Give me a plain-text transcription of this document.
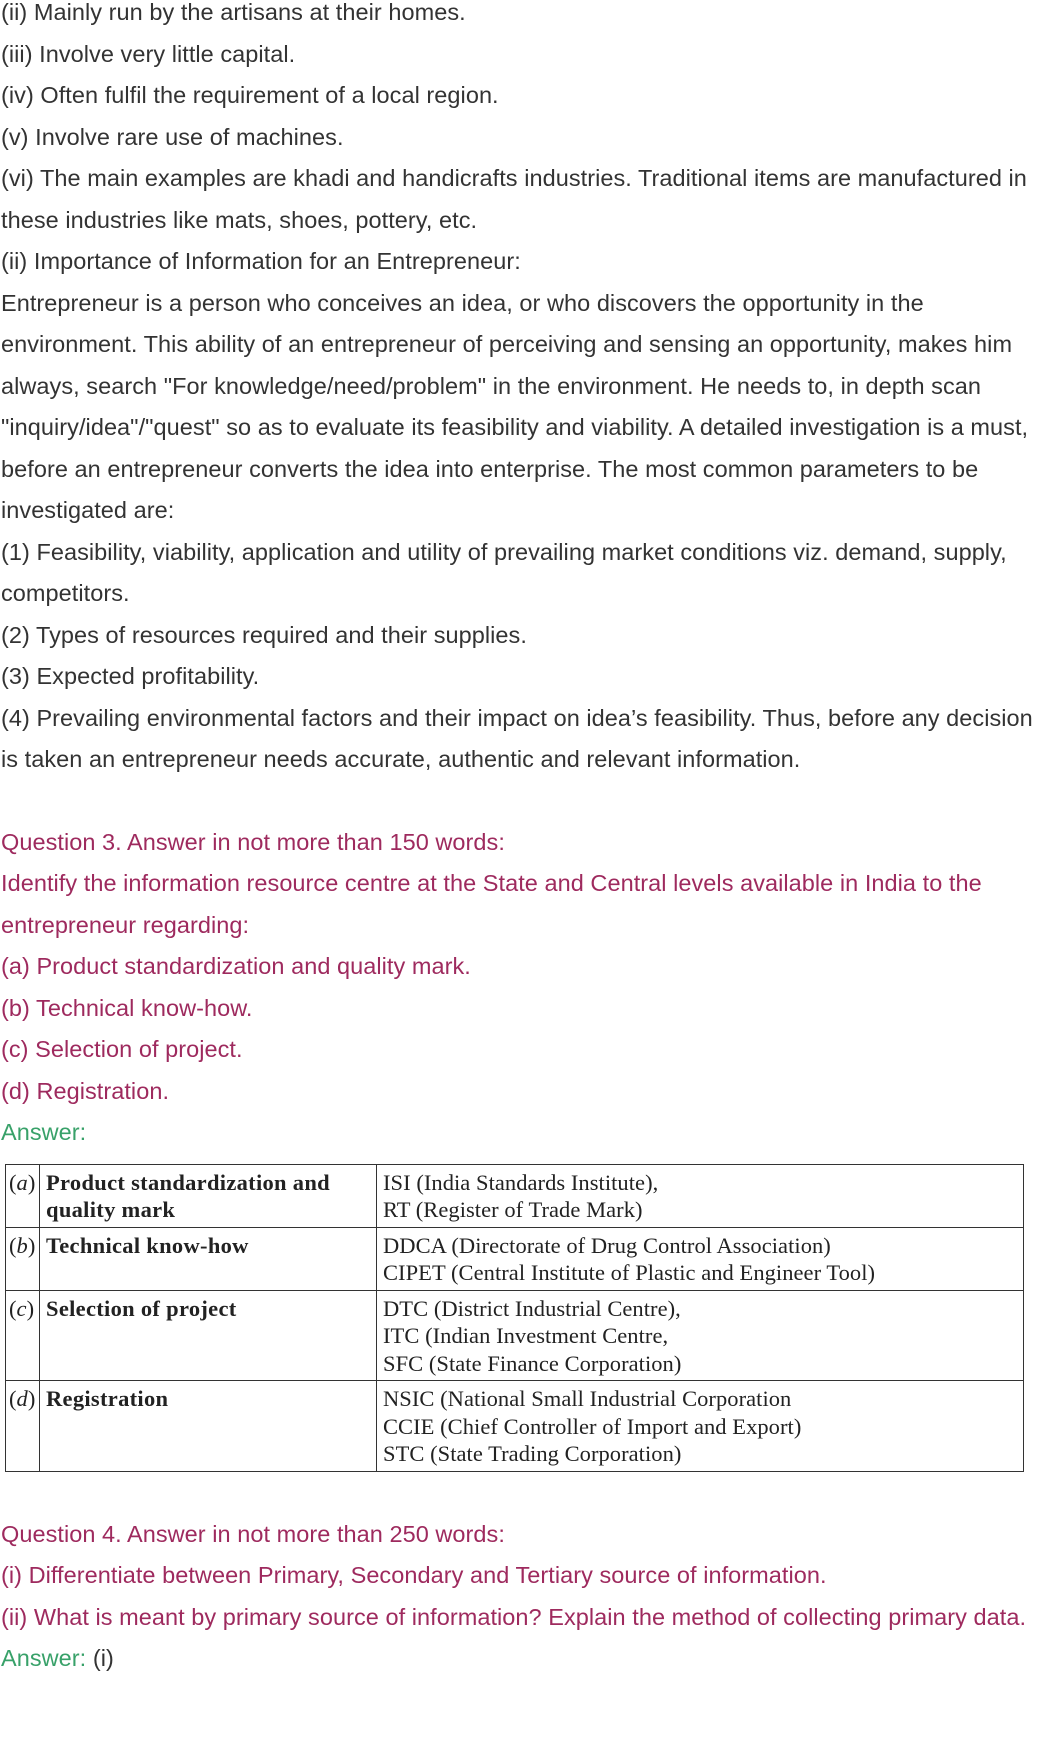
(ii) Mainly run by the artisans at their homes.

(iii) Involve very little capital.

(iv) Often fulfil the requirement of a local region.

(v) Involve rare use of machines.

(vi) The main examples are khadi and handicrafts industries. Traditional items are manufactured in these industries like mats, shoes, pottery, etc.

(ii) Importance of Information for an Entrepreneur:

Entrepreneur is a person who conceives an idea, or who discovers the opportunity in the environment. This ability of an entrepreneur of perceiving and sensing an opportunity, makes him always, search "For knowledge/need/problem" in the environment. He needs to, in depth scan "inquiry/idea"/"quest" so as to evaluate its feasibility and viability. A detailed investigation is a must, before an entrepreneur converts the idea into enterprise. The most common parameters to be investigated are:

(1) Feasibility, viability, application and utility of prevailing market conditions viz. demand, supply, competitors.

(2) Types of resources required and their supplies.

(3) Expected profitability.

(4) Prevailing environmental factors and their impact on idea’s feasibility. Thus, before any decision is taken an entrepreneur needs accurate, authentic and relevant information.

Question 3. Answer in not more than 150 words:

Identify the information resource centre at the State and Central levels available in India to the entrepreneur regarding:

(a) Product standardization and quality mark.

(b) Technical know-how.

(c) Selection of project.

(d) Registration.

Answer:

(a)	Product standardization and quality mark	ISI (India Standards Institute),
RT (Register of Trade Mark)

(b)	Technical know-how	DDCA (Directorate of Drug Control Association)
CIPET (Central Institute of Plastic and Engineer Tool)

(c)	Selection of project	DTC (District Industrial Centre),
ITC (Indian Investment Centre,
SFC (State Finance Corporation)

(d)	Registration	NSIC (National Small Industrial Corporation
CCIE (Chief Controller of Import and Export)
STC (State Trading Corporation)

Question 4. Answer in not more than 250 words:

(i) Differentiate between Primary, Secondary and Tertiary source of information.

(ii) What is meant by primary source of information? Explain the method of collecting primary data.

Answer: (i)
